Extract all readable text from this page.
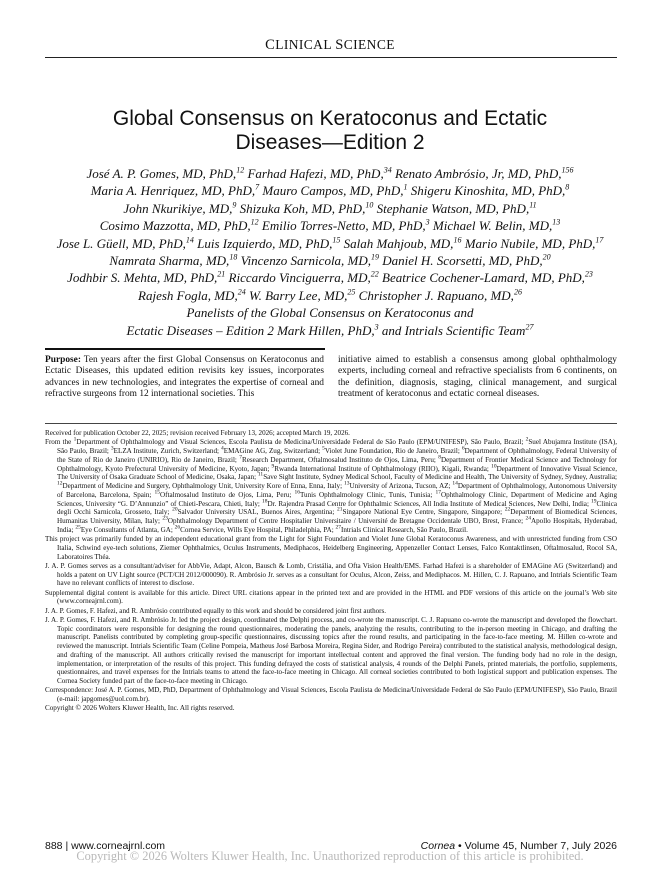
CLINICAL SCIENCE
Global Consensus on Keratoconus and Ectatic
Diseases—Edition 2
José A. P. Gomes, MD, PhD,$^{12}$ Farhad Hafezi, MD, PhD,$^{34}$ Renato Ambrósio, Jr, MD, PhD,$^{156}$
Maria A. Henriquez, MD, PhD,$^7$ Mauro Campos, MD, PhD,$^1$ Shigeru Kinoshita, MD, PhD,$^8$
John Nkurikiye, MD,$^9$ Shizuka Koh, MD, PhD,$^{10}$ Stephanie Watson, MD, PhD,$^{11}$
Cosimo Mazzotta, MD, PhD,$^{12}$ Emilio Torres-Netto, MD, PhD,$^3$ Michael W. Belin, MD,$^{13}$
Jose L. Güell, MD, PhD,$^{14}$ Luis Izquierdo, MD, PhD,$^{15}$ Salah Mahjoub, MD,$^{16}$ Mario Nubile, MD, PhD,$^{17}$
Namrata Sharma, MD,$^{18}$ Vincenzo Sarnicola, MD,$^{19}$ Daniel H. Scorsetti, MD, PhD,$^{20}$
Jodhbir S. Mehta, MD, PhD,$^{21}$ Riccardo Vinciguerra, MD,$^{22}$ Beatrice Cochener-Lamard, MD, PhD,$^{23}$
Rajesh Fogla, MD,$^{24}$ W. Barry Lee, MD,$^{25}$ Christopher J. Rapuano, MD,$^{26}$
Panelists of the Global Consensus on Keratoconus and
Ectatic Diseases – Edition 2 Mark Hillen, PhD,$^3$ and Intrials Scientific Team$^{27}$
Purpose: Ten years after the first Global Consensus on Keratoconus and Ectatic Diseases, this updated edition revisits key issues, incorporates advances in new technologies, and integrates the expertise of corneal and refractive surgeons from 12 international societies. This
initiative aimed to establish a consensus among global ophthalmology experts, including corneal and refractive specialists from 6 continents, on the definition, diagnosis, staging, clinical management, and surgical treatment of keratoconus and ectatic corneal diseases.

Received for publication October 22, 2025; revision received February 13, 2026; accepted March 19, 2026.

From the $^1$Department of Ophthalmology and Visual Sciences, Escola Paulista de Medicina/Universidade Federal de São Paulo (EPM/UNIFESP), São Paulo, Brazil; $^2$Suel Abujamra Institute (ISA), São Paulo, Brazil; $^3$ELZA Institute, Zurich, Switzerland; $^4$EMAGine AG, Zug, Switzerland; $^5$Violet June Foundation, Rio de Janeiro, Brazil; $^6$Department of Ophthalmology, Federal University of the State of Rio de Janeiro (UNIRIO), Rio de Janeiro, Brazil; $^7$Research Department, Oftalmosalud Instituto de Ojos, Lima, Peru; $^8$Department of Frontier Medical Science and Technology for Ophthalmology, Kyoto Prefectural University of Medicine, Kyoto, Japan; $^9$Rwanda International Institute of Ophthalmology (RIIO), Kigali, Rwanda; $^{10}$Department of Innovative Visual Science, The University of Osaka Graduate School of Medicine, Osaka, Japan; $^{11}$Save Sight Institute, Sydney Medical School, Faculty of Medicine and Health, The University of Sydney, Sydney, Australia; $^{12}$Department of Medicine and Surgery, Ophthalmology Unit, University Kore of Enna, Enna, Italy; $^{13}$University of Arizona, Tucson, AZ; $^{14}$Department of Ophthalmology, Autonomous University of Barcelona, Barcelona, Spain; $^{15}$Oftalmosalud Instituto de Ojos, Lima, Peru; $^{16}$Tunis Ophthalmology Clinic, Tunis, Tunisia; $^{17}$Ophthalmology Clinic, Department of Medicine and Aging Sciences, University “G. D’Annunzio” of Chieti-Pescara, Chieti, Italy; $^{18}$Dr. Rajendra Prasad Centre for Ophthalmic Sciences, All India Institute of Medical Sciences, New Delhi, India; $^{19}$Clinica degli Occhi Sarnicola, Grosseto, Italy; $^{20}$Salvador University USAL, Buenos Aires, Argentina; $^{21}$Singapore National Eye Centre, Singapore, Singapore; $^{22}$Department of Biomedical Sciences, Humanitas University, Milan, Italy; $^{23}$Ophthalmology Department of Centre Hospitalier Universitaire / Université de Bretagne Occidentale UBO, Brest, France; $^{24}$Apollo Hospitals, Hyderabad, India; $^{25}$Eye Consultants of Atlanta, GA; $^{26}$Cornea Service, Wills Eye Hospital, Philadelphia, PA; $^{27}$Intrials Clinical Research, São Paulo, Brazil.

This project was primarily funded by an independent educational grant from the Light for Sight Foundation and Violet June Global Keratoconus Awareness, and with unrestricted funding from CSO Italia, Schwind eye-tech solutions, Ziemer Ophthalmics, Oculus Instruments, Mediphacos, Heidelberg Engineering, Appenzeller Contact Lenses, Falco Kontaktlinsen, Oftalmosalud, Rocol SA, Laboratoires Théa.

J. A. P. Gomes serves as a consultant/adviser for AbbVie, Adapt, Alcon, Bausch & Lomb, Cristália, and Ofta Vision Health/EMS. Farhad Hafezi is a shareholder of EMAGine AG (Switzerland) and holds a patent on UV Light source (PCT/CH 2012/000090). R. Ambrósio Jr. serves as a consultant for Oculus, Alcon, Zeiss, and Mediphacos. M. Hillen, C. J. Rapuano, and Intrials Scientific Team have no relevant conflicts of interest to disclose.

Supplemental digital content is available for this article. Direct URL citations appear in the printed text and are provided in the HTML and PDF versions of this article on the journal’s Web site (www.corneajrnl.com).

J. A. P. Gomes, F. Hafezi, and R. Ambrósio contributed equally to this work and should be considered joint first authors.

J. A. P. Gomes, F. Hafezi, and R. Ambrósio Jr. led the project design, coordinated the Delphi process, and co-wrote the manuscript. C. J. Rapuano co-wrote the manuscript and developed the flowchart. Topic coordinators were responsible for designing the round questionnaires, moderating the panels, analyzing the results, contributing to the in-person meeting in Chicago, and drafting the manuscript. Panelists contributed by completing group-specific questionnaires, discussing topics after the round results, and participating in the face-to-face meeting. M. Hillen co-wrote and reviewed the manuscript. Intrials Scientific Team (Celine Pompeia, Matheus José Barbosa Moreira, Regina Sider, and Rodrigo Pereira) contributed to the statistical analysis, methodological design, and drafting of the manuscript. All authors critically revised the manuscript for important intellectual content and approved the final version. The funding body had no role in the design, implementation, or interpretation of the results of this project. This funding defrayed the costs of statistical analysis, 4 rounds of the Delphi Panels, printed materials, the portfolio, supplements, questionnaires, and travel expenses for the Intrials teams to attend the face-to-face meeting in Chicago. All corneal societies contributed to both logistical support and publication expenses. The Cornea Society funded part of the face-to-face meeting in Chicago.

Correspondence: José A. P. Gomes, MD, PhD, Department of Ophthalmology and Visual Sciences, Escola Paulista de Medicina/Universidade Federal de São Paulo (EPM/UNIFESP), São Paulo, Brazil (e-mail: japgomes@uol.com.br).

Copyright © 2026 Wolters Kluwer Health, Inc. All rights reserved.

888 | www.corneajrnl.com	Cornea • Volume 45, Number 7, July 2026
Copyright © 2026 Wolters Kluwer Health, Inc. Unauthorized reproduction of this article is prohibited.
